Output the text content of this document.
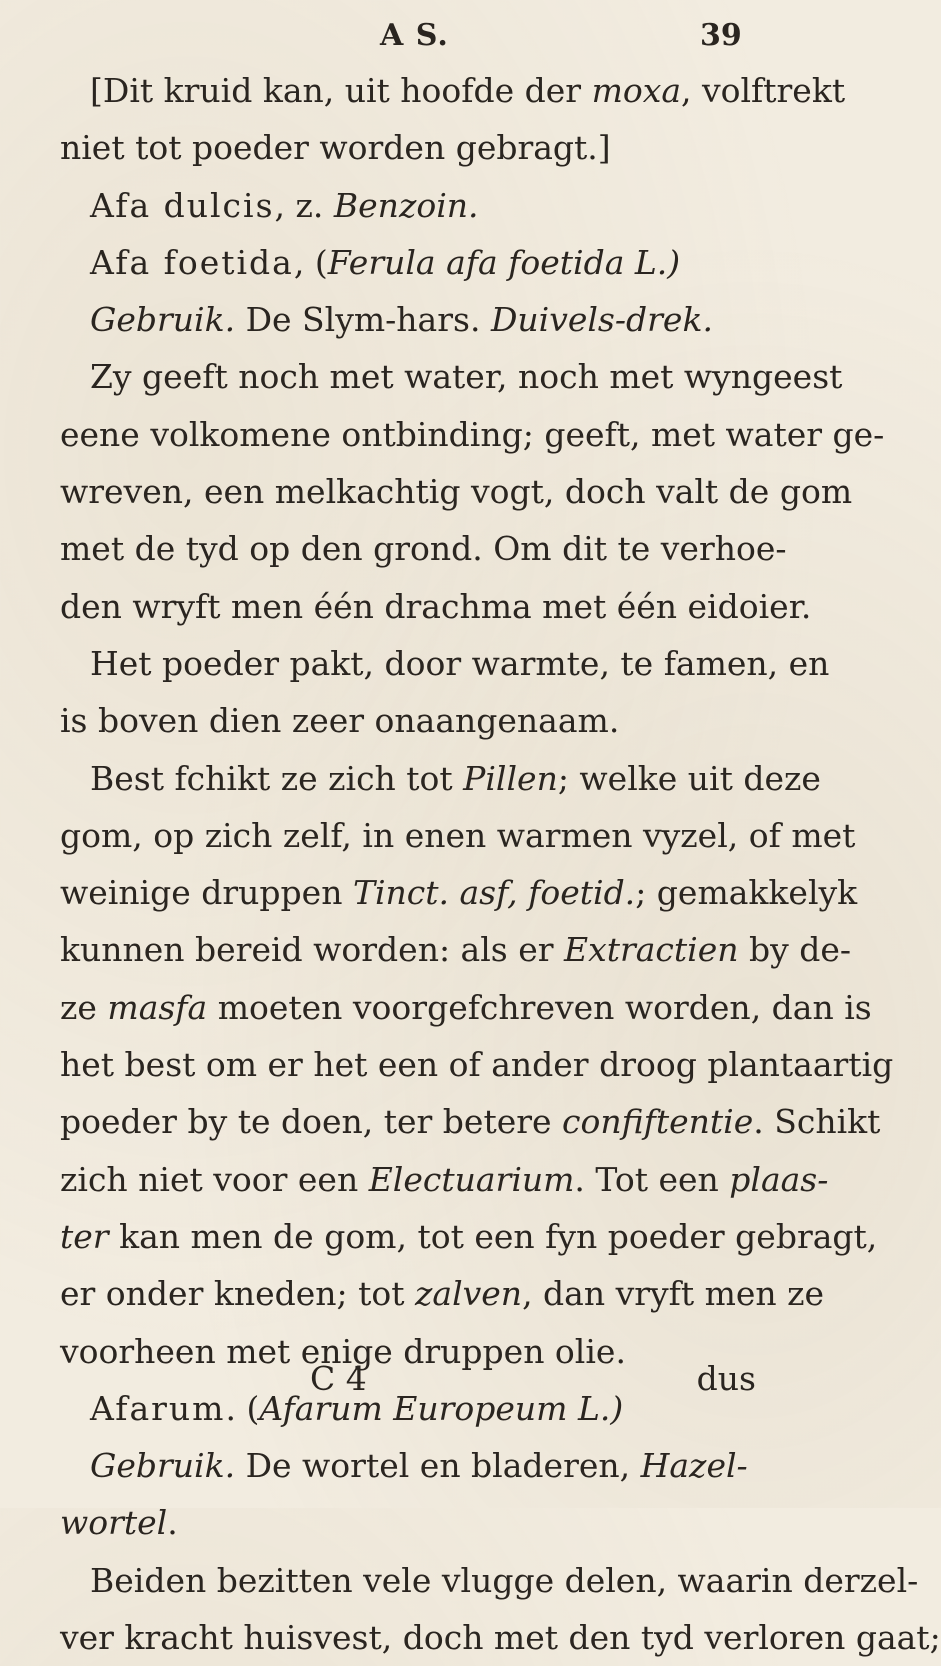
A S.	39
[Dit kruid kan, uit hoofde der moxa, volftrekt
niet tot poeder worden gebragt.]
Afa dulcis, z. Benzoin.
Afa foetida, (Ferula afa foetida L.)
Gebruik. De Slym-hars. Duivels-drek.
Zy geeft noch met water, noch met wyngeest
eene volkomene ontbinding; geeft, met water ge-
wreven, een melkachtig vogt, doch valt de gom
met de tyd op den grond. Om dit te verhoe-
den wryft men één drachma met één eidoier.
Het poeder pakt, door warmte, te famen, en
is boven dien zeer onaangenaam.
Best fchikt ze zich tot Pillen; welke uit deze
gom, op zich zelf, in enen warmen vyzel, of met
weinige druppen Tinct. asf, foetid.; gemakkelyk
kunnen bereid worden: als er Extractien by de-
ze masfa moeten voorgefchreven worden, dan is
het best om er het een of ander droog plantaartig
poeder by te doen, ter betere confiftentie. Schikt
zich niet voor een Electuarium. Tot een plaas-
ter kan men de gom, tot een fyn poeder gebragt,
er onder kneden; tot zalven, dan vryft men ze
voorheen met enige druppen olie.
Afarum. (Afarum Europeum L.)
Gebruik. De wortel en bladeren, Hazel-
wortel.
Beiden bezitten vele vlugge delen, waarin derzel-
ver kracht huisvest, doch met den tyd verloren gaat;
C 4	dus
